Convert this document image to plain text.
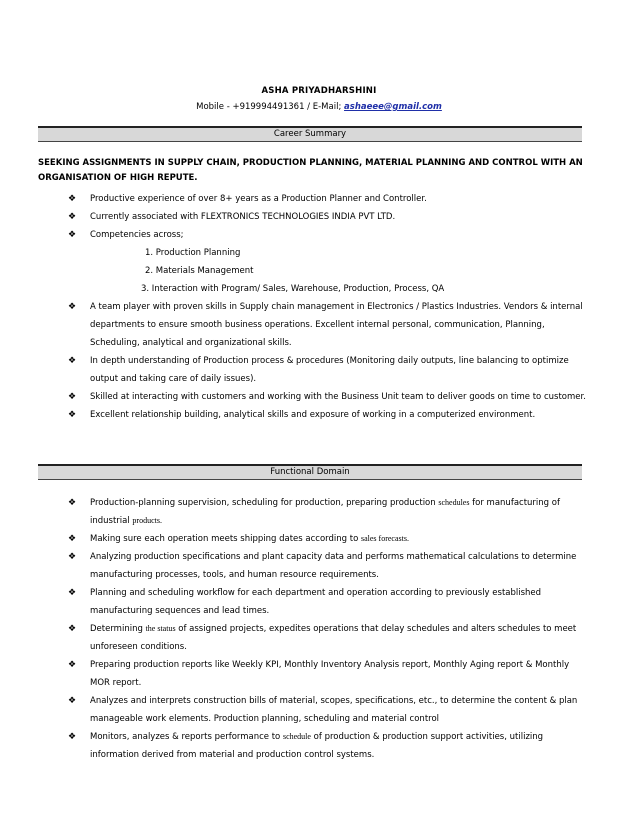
ASHA PRIYADHARSHINI
Mobile - +919994491361 / E-Mail; ashaeee@gmail.com
Career Summary
SEEKING ASSIGNMENTS IN SUPPLY CHAIN, PRODUCTION PLANNING, MATERIAL PLANNING AND CONTROL WITH AN ORGANISATION OF HIGH REPUTE.
❖ Productive experience of over 8+ years as a Production Planner and Controller.
❖ Currently associated with FLEXTRONICS TECHNOLOGIES INDIA PVT LTD.
❖ Competencies across;
1. Production Planning
2. Materials Management
3. Interaction with Program/ Sales, Warehouse, Production, Process, QA
❖ A team player with proven skills in Supply chain management in Electronics / Plastics Industries. Vendors & internal departments to ensure smooth business operations. Excellent internal personal, communication, Planning, Scheduling, analytical and organizational skills.
❖ In depth understanding of Production process & procedures (Monitoring daily outputs, line balancing to optimize output and taking care of daily issues).
❖ Skilled at interacting with customers and working with the Business Unit team to deliver goods on time to customer.
❖ Excellent relationship building, analytical skills and exposure of working in a computerized environment.
Functional Domain
❖ Production-planning supervision, scheduling for production, preparing production schedules for manufacturing of industrial products.
❖ Making sure each operation meets shipping dates according to sales forecasts.
❖ Analyzing production specifications and plant capacity data and performs mathematical calculations to determine manufacturing processes, tools, and human resource requirements.
❖ Planning and scheduling workflow for each department and operation according to previously established manufacturing sequences and lead times.
❖ Determining the status of assigned projects, expedites operations that delay schedules and alters schedules to meet unforeseen conditions.
❖ Preparing production reports like Weekly KPI, Monthly Inventory Analysis report, Monthly Aging report & Monthly MOR report.
❖ Analyzes and interprets construction bills of material, scopes, specifications, etc., to determine the content & plan manageable work elements. Production planning, scheduling and material control
❖ Monitors, analyzes & reports performance to schedule of production & production support activities, utilizing information derived from material and production control systems.
